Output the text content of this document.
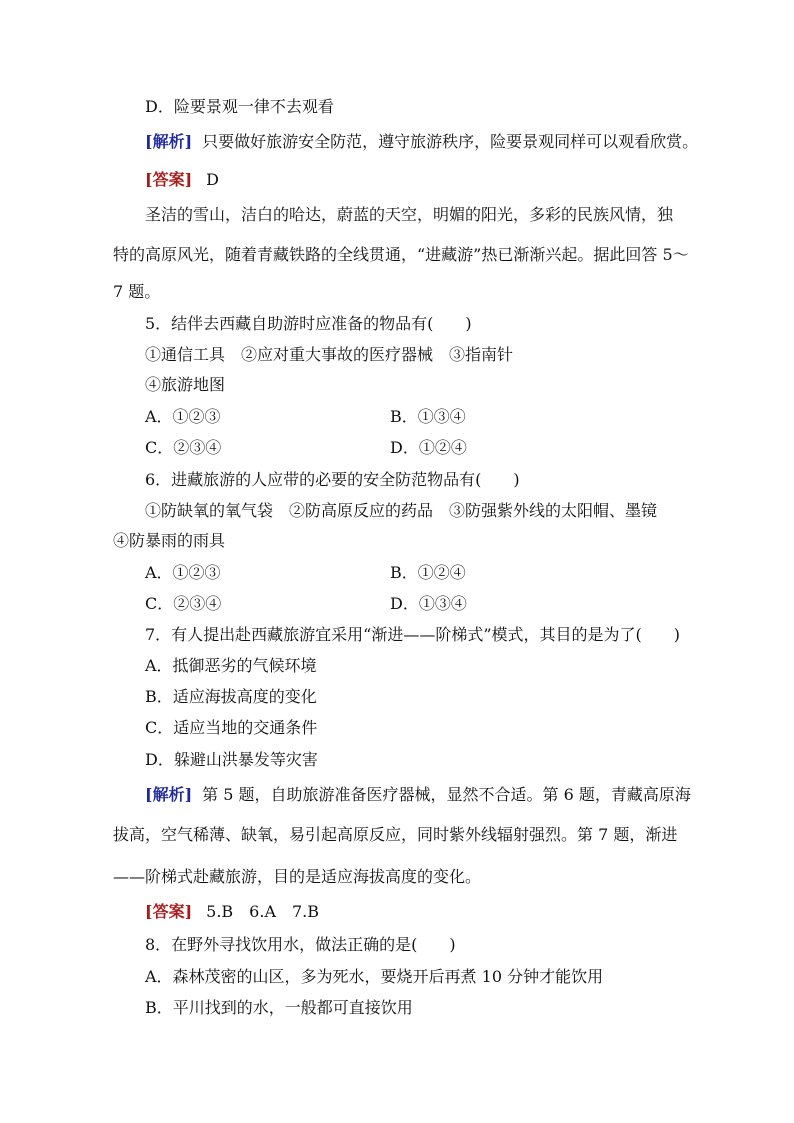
D．险要景观一律不去观看
[解析] 只要做好旅游安全防范，遵守旅游秩序，险要景观同样可以观看欣赏。
[答案] D
圣洁的雪山，洁白的哈达，蔚蓝的天空，明媚的阳光，多彩的民族风情，独
特的高原风光，随着青藏铁路的全线贯通，“进藏游”热已渐渐兴起。据此回答 5～
7 题。
5．结伴去西藏自助游时应准备的物品有(　　)
①通信工具　②应对重大事故的医疗器械　③指南针
④旅游地图
A．①②③	B．①③④
C．②③④	D．①②④
6．进藏旅游的人应带的必要的安全防范物品有(　　)
①防缺氧的氧气袋　②防高原反应的药品　③防强紫外线的太阳帽、墨镜
④防暴雨的雨具
A．①②③	B．①②④
C．②③④	D．①③④
7．有人提出赴西藏旅游宜采用“渐进——阶梯式”模式，其目的是为了(　　)
A．抵御恶劣的气候环境
B．适应海拔高度的变化
C．适应当地的交通条件
D．躲避山洪暴发等灾害
[解析] 第 5 题，自助旅游准备医疗器械，显然不合适。第 6 题，青藏高原海
拔高，空气稀薄、缺氧，易引起高原反应，同时紫外线辐射强烈。第 7 题，渐进
——阶梯式赴藏旅游，目的是适应海拔高度的变化。
[答案] 5.B　6.A　7.B
8．在野外寻找饮用水，做法正确的是(　　)
A．森林茂密的山区，多为死水，要烧开后再煮 10 分钟才能饮用
B．平川找到的水，一般都可直接饮用
